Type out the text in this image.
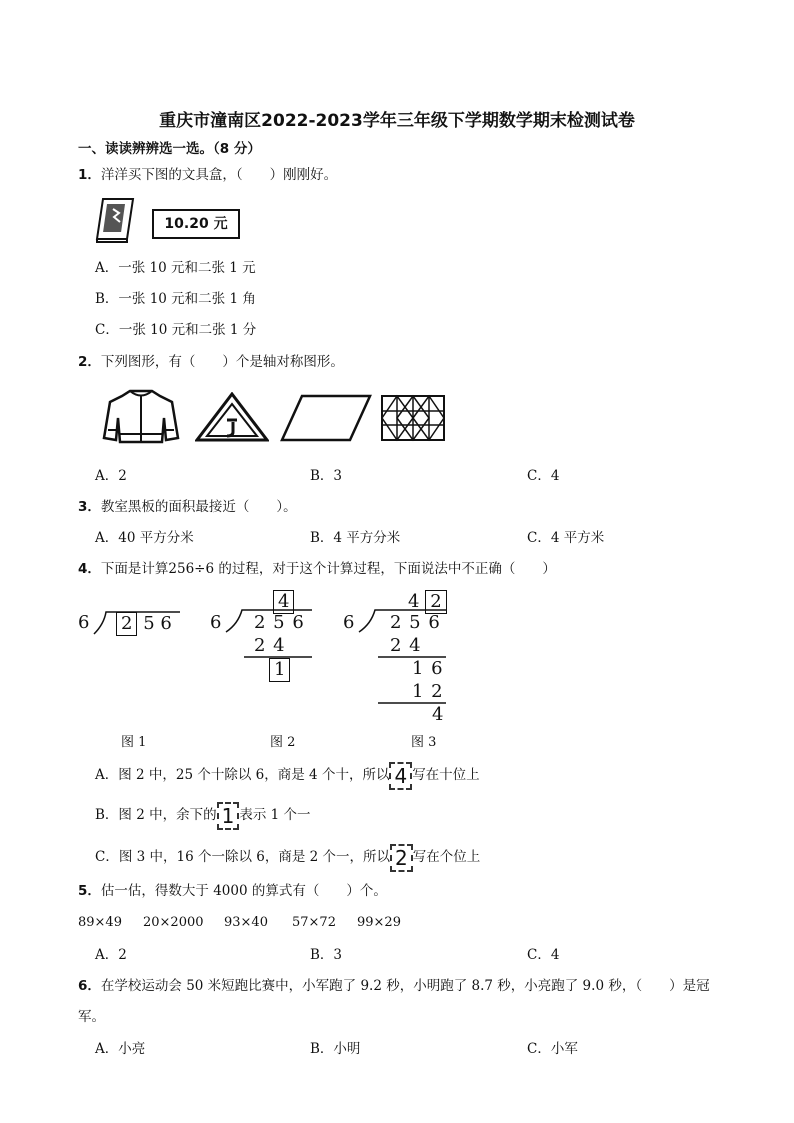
重庆市潼南区2022-2023学年三年级下学期数学期末检测试卷
一、读读辨辨选一选。（8 分）
1．洋洋买下图的文具盒，（　　）刚刚好。
10.20 元
A．一张 10 元和二张 1 元
B．一张 10 元和二张 1 角
C．一张 10 元和二张 1 分
2．下列图形，有（　　）个是轴对称图形。
A．2	B．3	C．4
3．教室黑板的面积最接近（　　）。
A．40 平方分米	B．4 平方分米	C．4 平方米
4．下面是计算256÷6 的过程，对于这个计算过程，下面说法中不正确（　　）
6 2 5 6
图 1
4
6 2 5 6
2 4
1
图 2
4 2
6 2 5 6
2 4
1 6
1 2
4
图 3
A．图 2 中，25 个十除以 6，商是 4 个十，所以 4 写在十位上
B．图 2 中，余下的 1 表示 1 个一
C．图 3 中，16 个一除以 6，商是 2 个一，所以 2 写在个位上
5．估一估，得数大于 4000 的算式有（　　）个。
89×49 20×2000 93×40 57×72 99×29
A．2	B．3	C．4
6．在学校运动会 50 米短跑比赛中，小军跑了 9.2 秒，小明跑了 8.7 秒，小亮跑了 9.0 秒，（　　）是冠
军。
A．小亮	B．小明	C．小军
